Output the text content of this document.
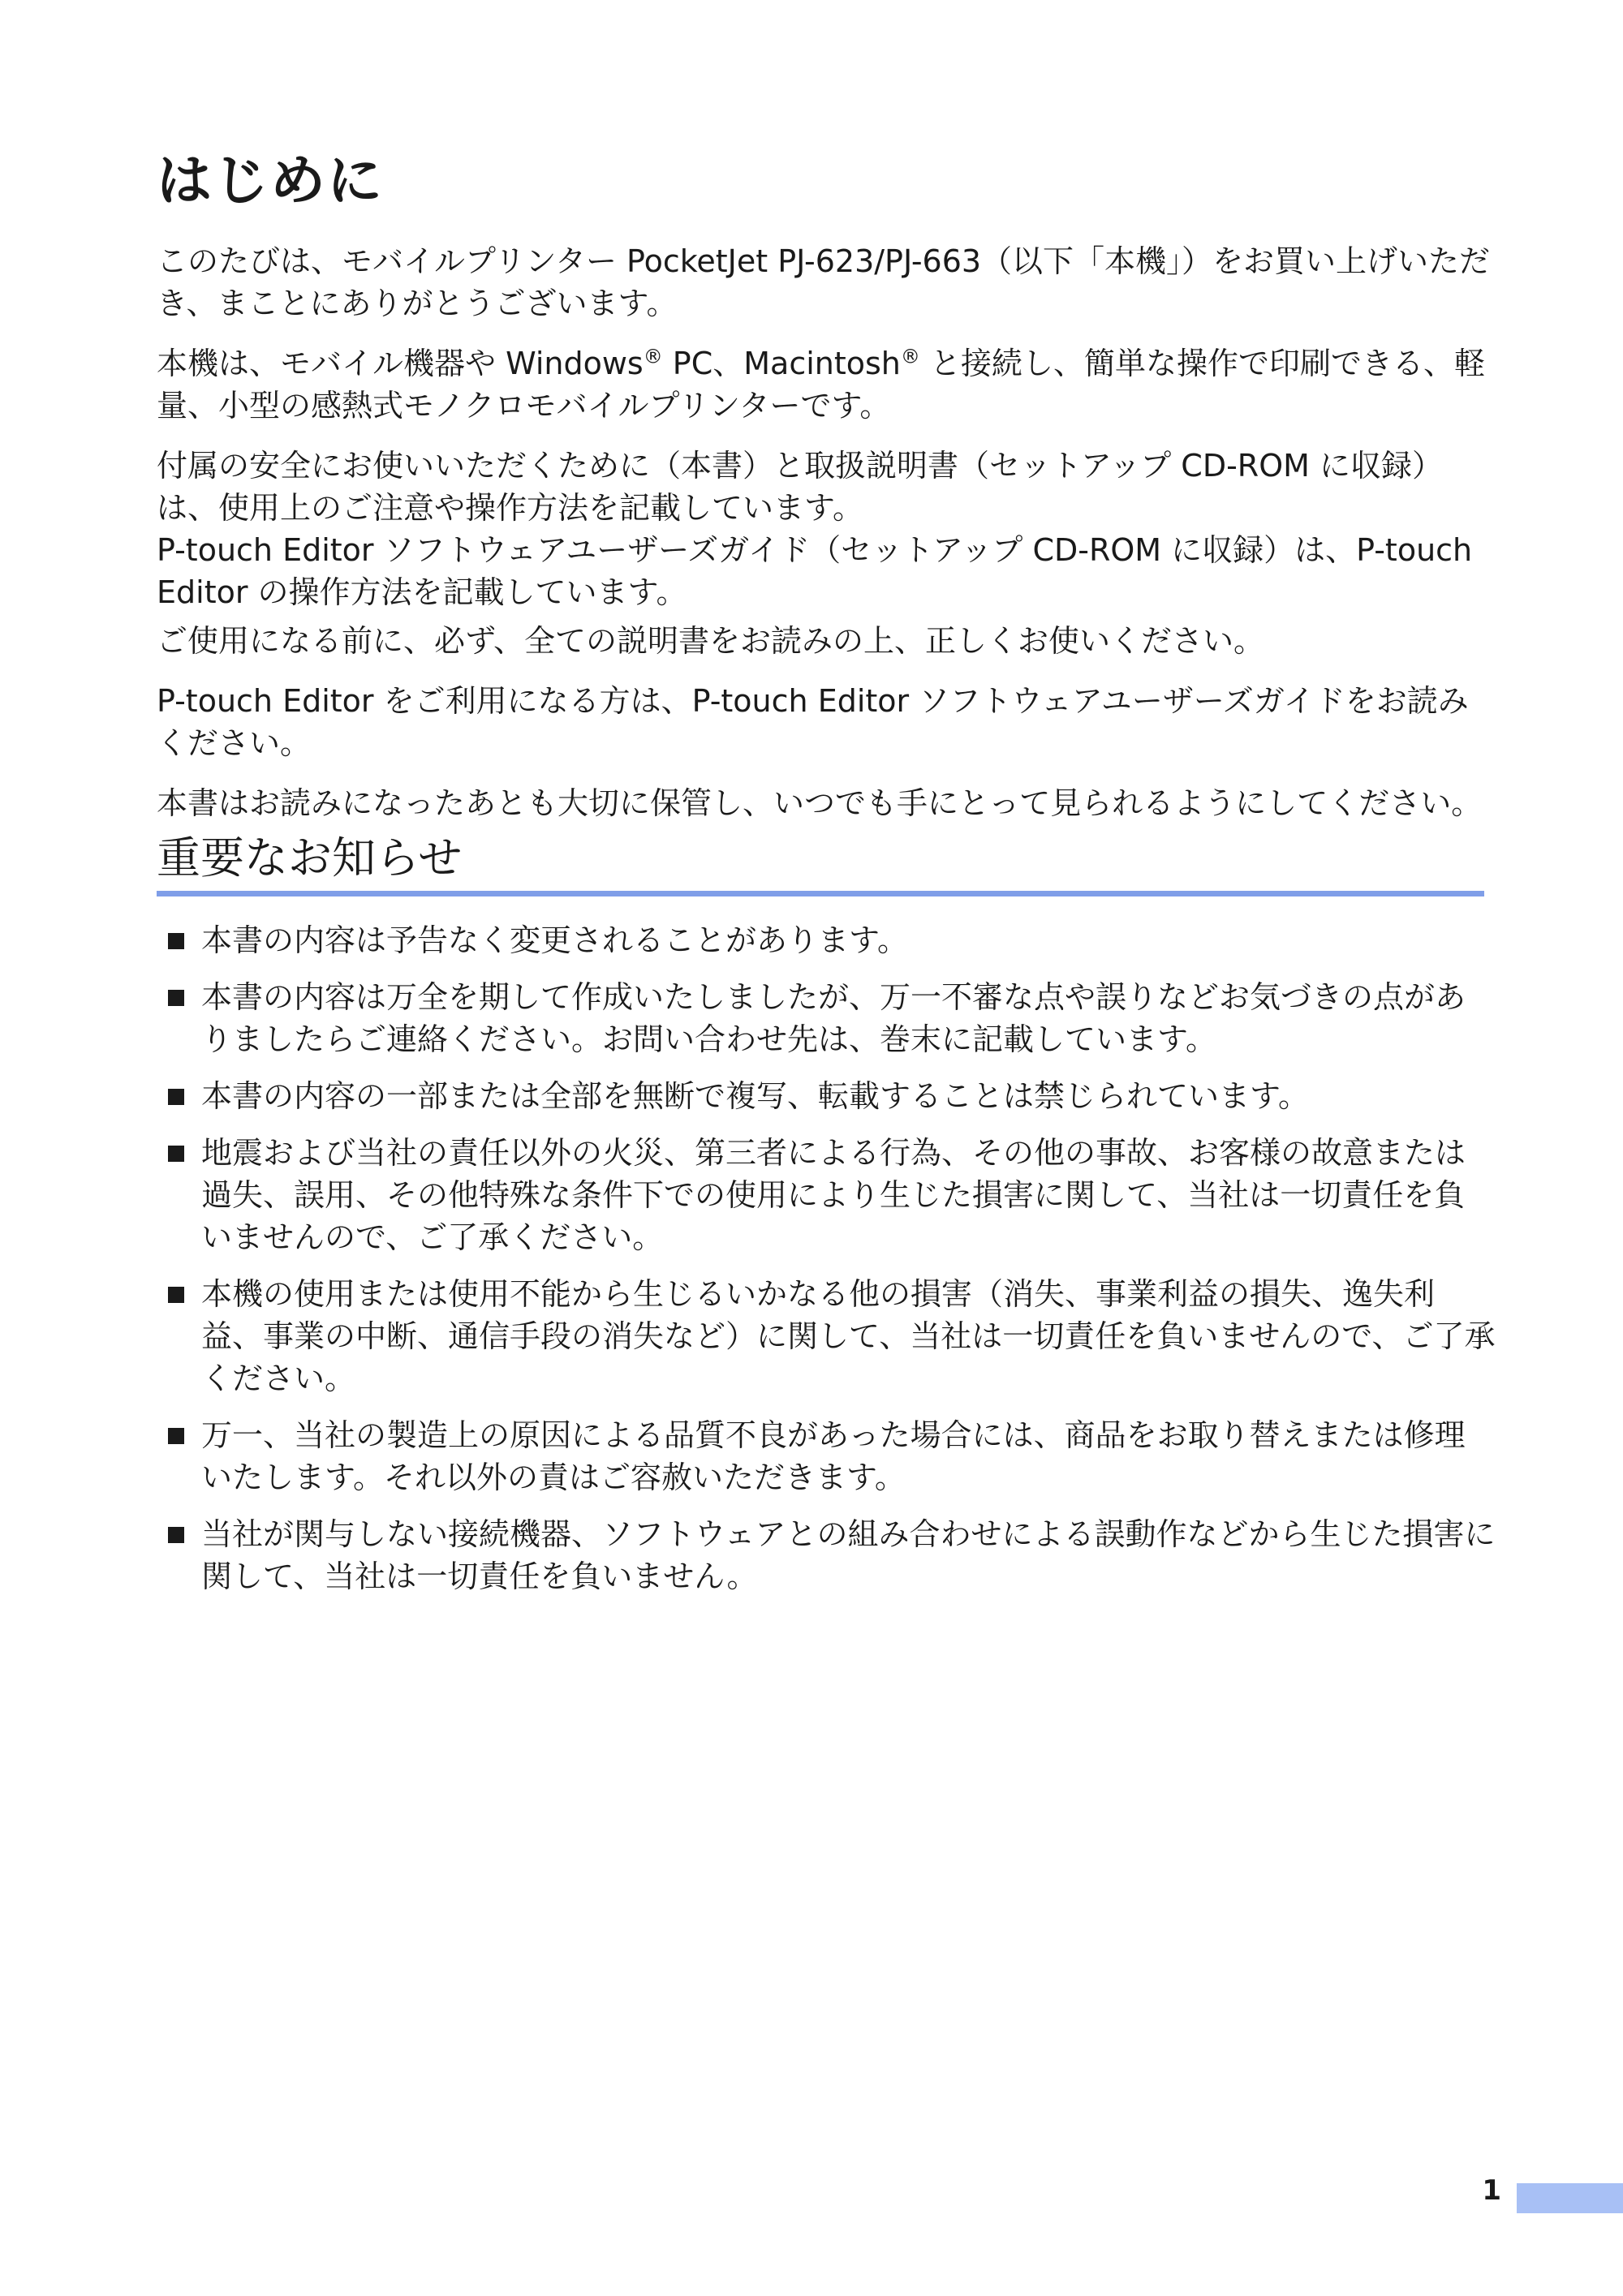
はじめに

このたびは、モバイルプリンター PocketJet PJ-623/PJ-663（以下「本機」）をお買い上げいただき、まことにありがとうございます。

本機は、モバイル機器や Windows® PC、Macintosh® と接続し、簡単な操作で印刷できる、軽量、小型の感熱式モノクロモバイルプリンターです。

付属の安全にお使いいただくために（本書）と取扱説明書（セットアップ CD-ROM に収録）は、使用上のご注意や操作方法を記載しています。

P-touch Editor ソフトウェアユーザーズガイド（セットアップ CD-ROM に収録）は、P-touch Editor の操作方法を記載しています。

ご使用になる前に、必ず、全ての説明書をお読みの上、正しくお使いください。

P-touch Editor をご利用になる方は、P-touch Editor ソフトウェアユーザーズガイドをお読みください。

本書はお読みになったあとも大切に保管し、いつでも手にとって見られるようにしてください。

重要なお知らせ
本書の内容は予告なく変更されることがあります。
本書の内容は万全を期して作成いたしましたが、万一不審な点や誤りなどお気づきの点がありましたらご連絡ください。お問い合わせ先は、巻末に記載しています。
本書の内容の一部または全部を無断で複写、転載することは禁じられています。
地震および当社の責任以外の火災、第三者による行為、その他の事故、お客様の故意または過失、誤用、その他特殊な条件下での使用により生じた損害に関して、当社は一切責任を負いませんので、ご了承ください。
本機の使用または使用不能から生じるいかなる他の損害（消失、事業利益の損失、逸失利益、事業の中断、通信手段の消失など）に関して、当社は一切責任を負いませんので、ご了承ください。
万一、当社の製造上の原因による品質不良があった場合には、商品をお取り替えまたは修理いたします。それ以外の責はご容赦いただきます。
当社が関与しない接続機器、ソフトウェアとの組み合わせによる誤動作などから生じた損害に関して、当社は一切責任を負いません。
1
